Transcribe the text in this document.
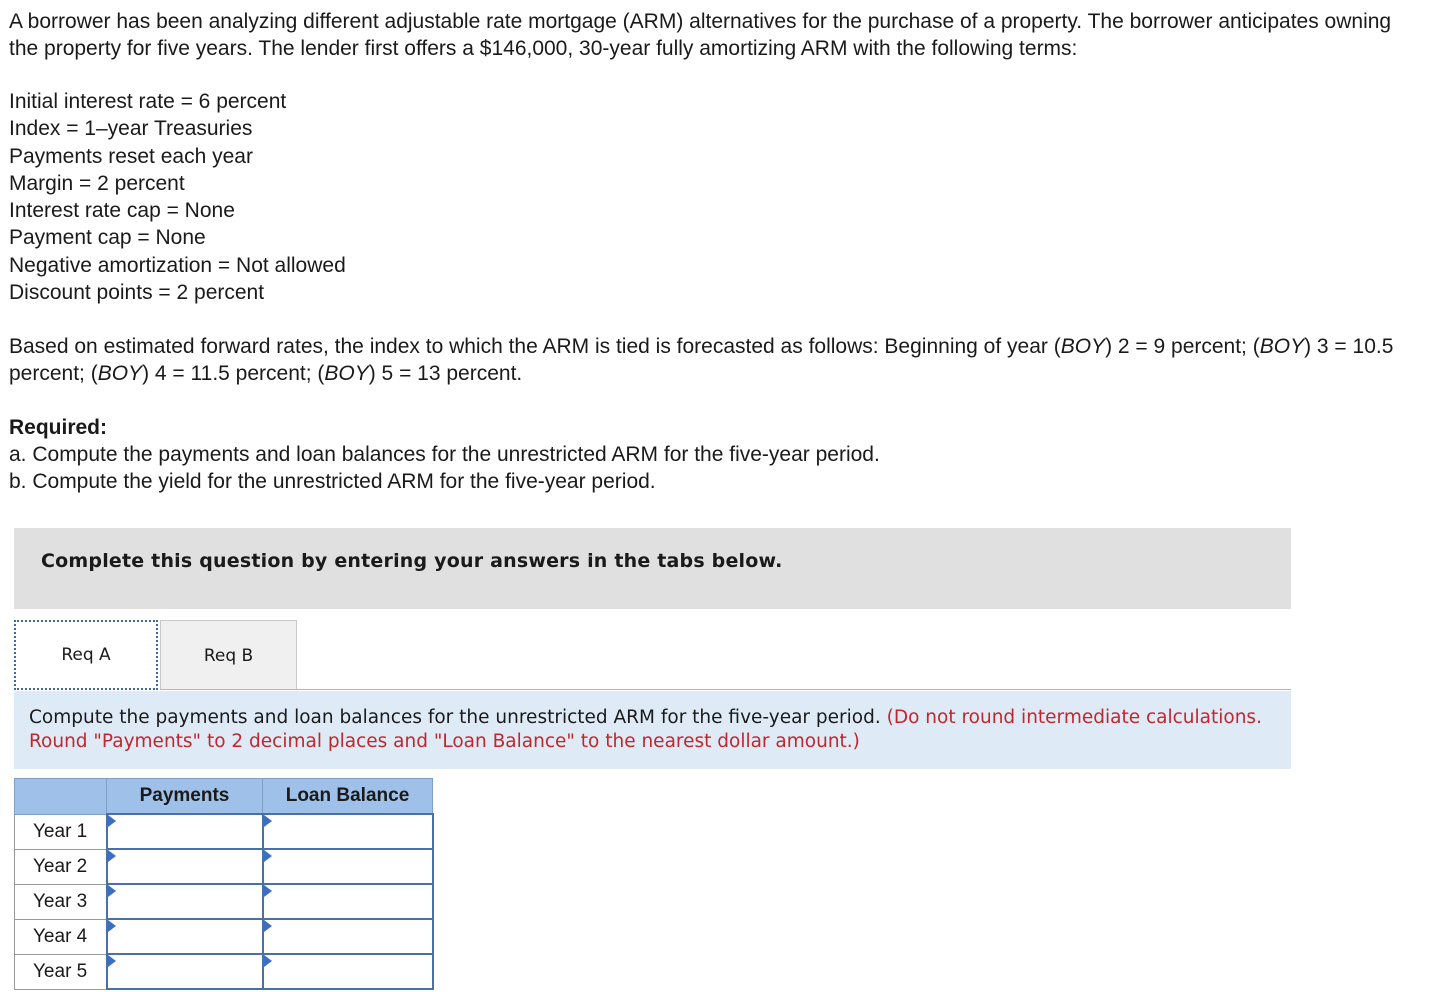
A borrower has been analyzing different adjustable rate mortgage (ARM) alternatives for the purchase of a property. The borrower anticipates owning the property for five years. The lender first offers a $146,000, 30-year fully amortizing ARM with the following terms:

Initial interest rate = 6 percent
Index = 1–year Treasuries
Payments reset each year
Margin = 2 percent
Interest rate cap = None
Payment cap = None
Negative amortization = Not allowed
Discount points = 2 percent
Based on estimated forward rates, the index to which the ARM is tied is forecasted as follows: Beginning of year (BOY) 2 = 9 percent; (BOY) 3 = 10.5 percent; (BOY) 4 = 11.5 percent; (BOY) 5 = 13 percent.
Required:
a. Compute the payments and loan balances for the unrestricted ARM for the five-year period.
b. Compute the yield for the unrestricted ARM for the five-year period.
Complete this question by entering your answers in the tabs below.
Req A	Req B
Compute the payments and loan balances for the unrestricted ARM for the five-year period. (Do not round intermediate calculations. Round "Payments" to 2 decimal places and "Loan Balance" to the nearest dollar amount.)
	Payments	Loan Balance
Year 1	

Year 2	

Year 3	

Year 4	

Year 5	
